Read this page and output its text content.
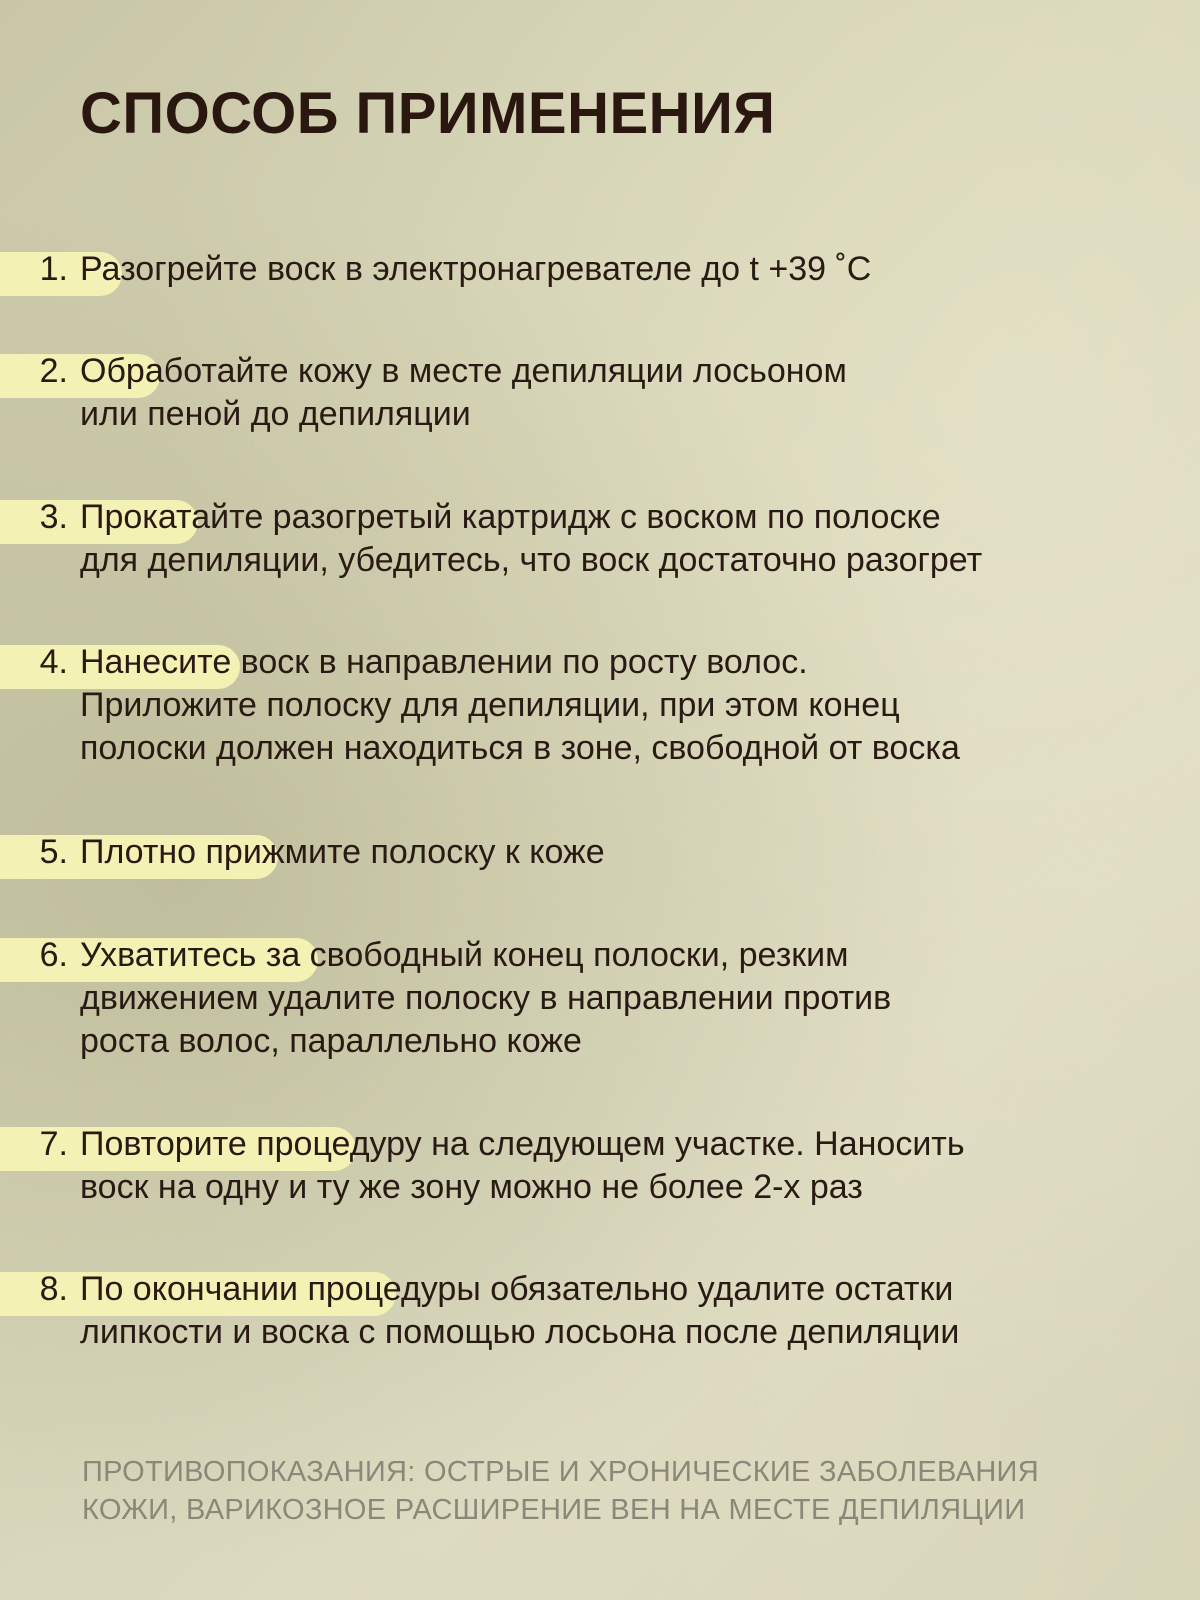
СПОСОБ ПРИМЕНЕНИЯ
1. Разогрейте воск в электронагревателе до t +39 ˚С
2. Обработайте кожу в месте депиляции лосьоном
или пеной до депиляции
3. Прокатайте разогретый картридж с воском по полоске
для депиляции, убедитесь, что воск достаточно разогрет
4. Нанесите воск в направлении по росту волос.
Приложите полоску для депиляции, при этом конец
полоски должен находиться в зоне, свободной от воска
5. Плотно прижмите полоску к коже
6. Ухватитесь за свободный конец полоски, резким
движением удалите полоску в направлении против
роста волос, параллельно коже
7. Повторите процедуру на следующем участке. Наносить
воск на одну и ту же зону можно не более 2-х раз
8. По окончании процедуры обязательно удалите остатки
липкости и воска с помощью лосьона после депиляции
ПРОТИВОПОКАЗАНИЯ: ОСТРЫЕ И ХРОНИЧЕСКИЕ ЗАБОЛЕВАНИЯ
КОЖИ, ВАРИКОЗНОЕ РАСШИРЕНИЕ ВЕН НА МЕСТЕ ДЕПИЛЯЦИИ
